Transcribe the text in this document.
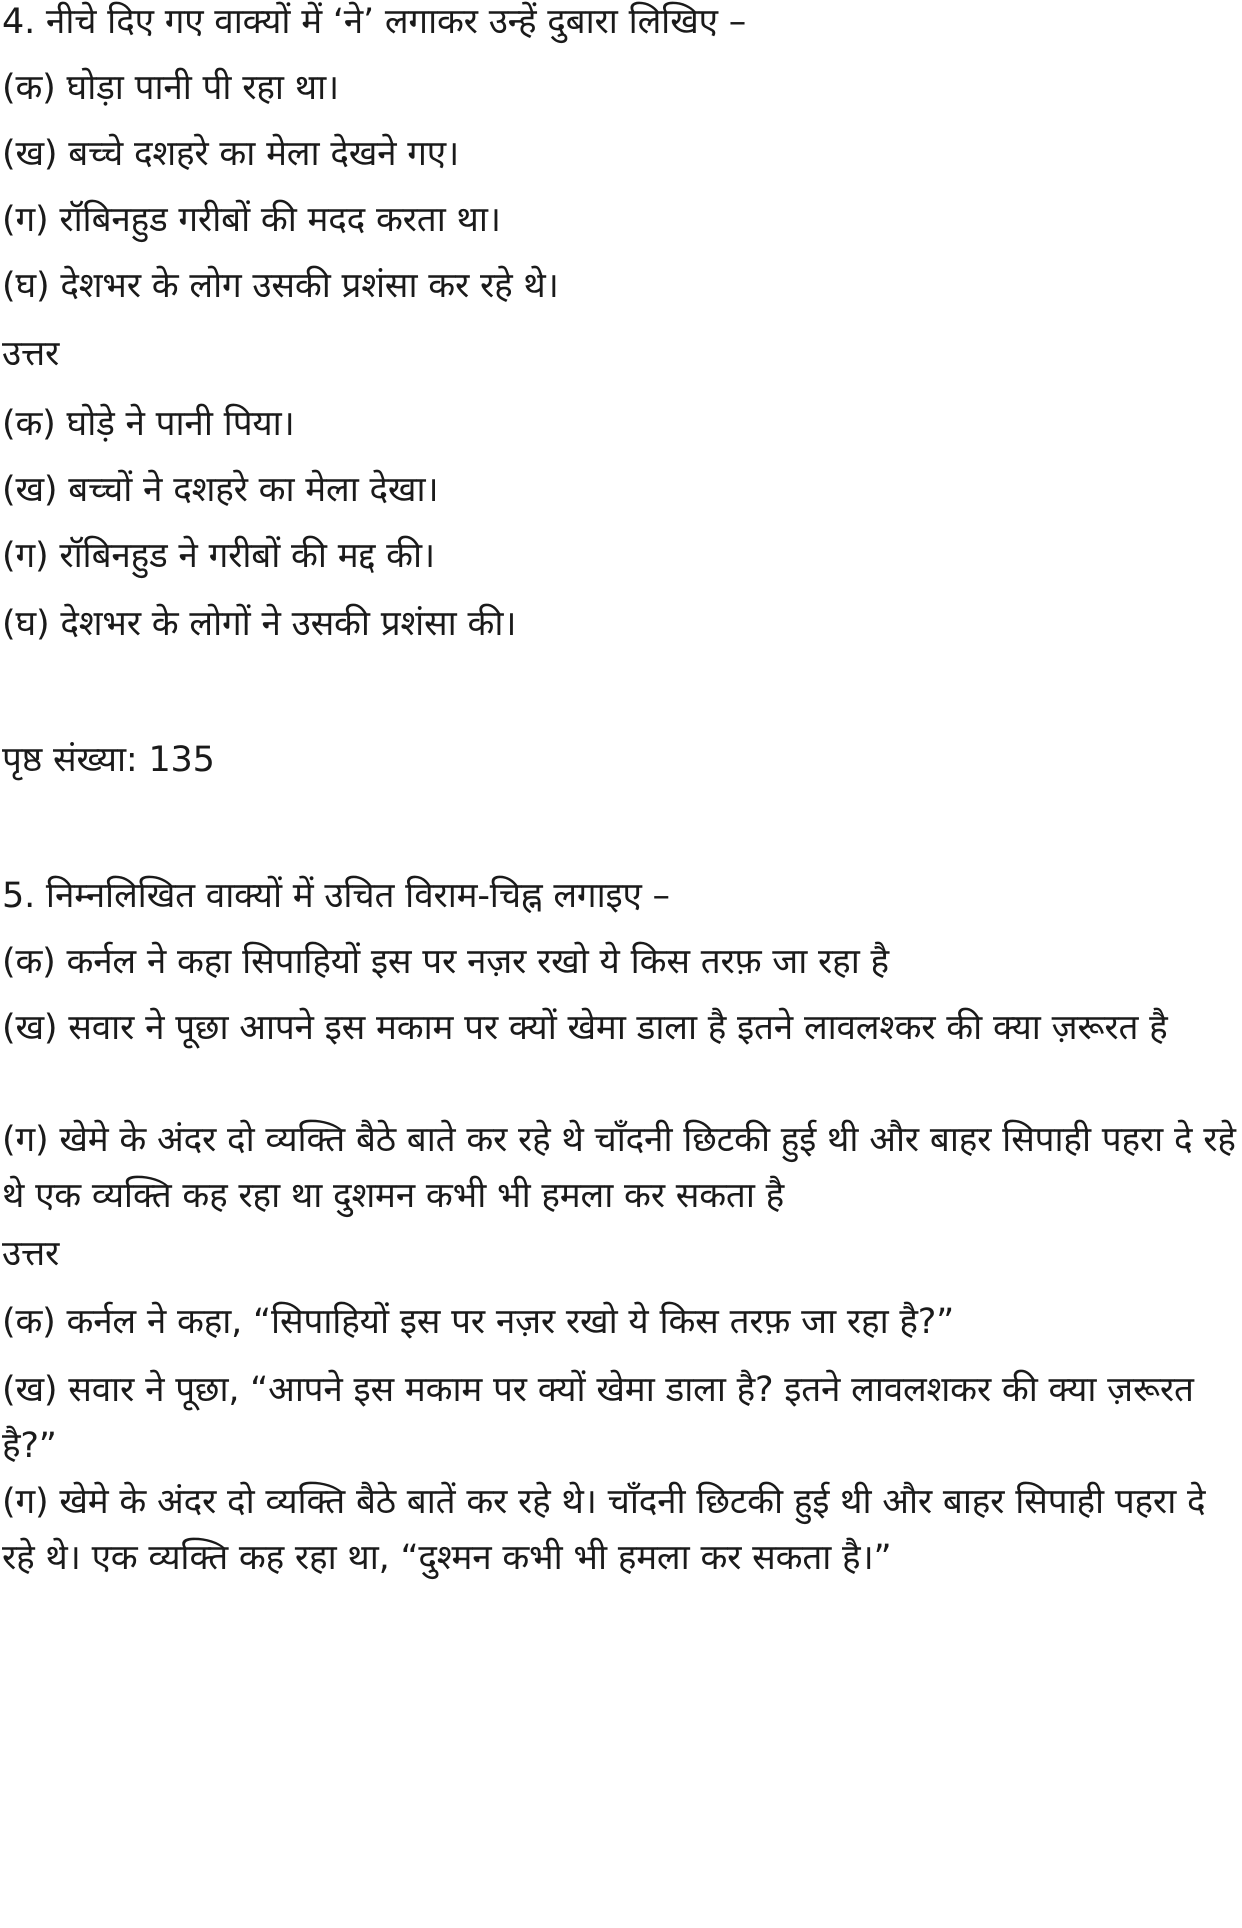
4. नीचे दिए गए वाक्यों में ‘ने’ लगाकर उन्हें दुबारा लिखिए –
(क) घोड़ा पानी पी रहा था।
(ख) बच्चे दशहरे का मेला देखने गए।
(ग) रॉबिनहुड गरीबों की मदद करता था।
(घ) देशभर के लोग उसकी प्रशंसा कर रहे थे।
उत्तर
(क) घोड़े ने पानी पिया।
(ख) बच्चों ने दशहरे का मेला देखा।
(ग) रॉबिनहुड ने गरीबों की मद्द की।
(घ) देशभर के लोगों ने उसकी प्रशंसा की।
पृष्ठ संख्या: 135
5. निम्नलिखित वाक्यों में उचित विराम-चिह्न लगाइए –
(क) कर्नल ने कहा सिपाहियों इस पर नज़र रखो ये किस तरफ़ जा रहा है
(ख) सवार ने पूछा आपने इस मकाम पर क्यों खेमा डाला है इतने लावलश्कर की क्या ज़रूरत है
(ग) खेमे के अंदर दो व्यक्ति बैठे बाते कर रहे थे चाँदनी छिटकी हुई थी और बाहर सिपाही पहरा दे रहे थे एक व्यक्ति कह रहा था दुशमन कभी भी हमला कर सकता है
उत्तर
(क) कर्नल ने कहा, “सिपाहियों इस पर नज़र रखो ये किस तरफ़ जा रहा है?”
(ख) सवार ने पूछा, “आपने इस मकाम पर क्यों खेमा डाला है? इतने लावलशकर की क्या ज़रूरत है?”
(ग) खेमे के अंदर दो व्यक्ति बैठे बातें कर रहे थे। चाँदनी छिटकी हुई थी और बाहर सिपाही पहरा दे रहे थे। एक व्यक्ति कह रहा था, “दुश्मन कभी भी हमला कर सकता है।”
